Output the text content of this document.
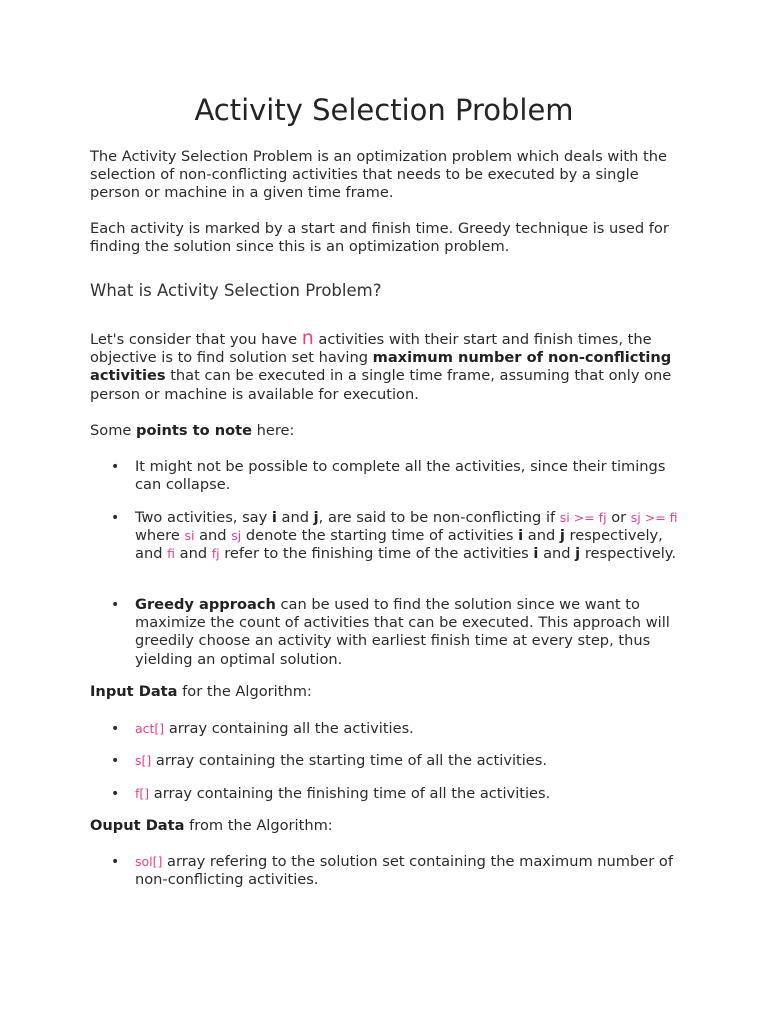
Activity Selection Problem

The Activity Selection Problem is an optimization problem which deals with the selection of non-conflicting activities that needs to be executed by a single person or machine in a given time frame.

Each activity is marked by a start and finish time. Greedy technique is used for finding the solution since this is an optimization problem.

What is Activity Selection Problem?

Let's consider that you have n activities with their start and finish times, the objective is to find solution set having maximum number of non-conflicting activities that can be executed in a single time frame, assuming that only one person or machine is available for execution.

Some points to note here:

• It might not be possible to complete all the activities, since their timings can collapse.
• Two activities, say i and j, are said to be non-conflicting if si >= fj or sj >= fi where si and sj denote the starting time of activities i and j respectively, and fi and fj refer to the finishing time of the activities i and j respectively.
• Greedy approach can be used to find the solution since we want to maximize the count of activities that can be executed. This approach will greedily choose an activity with earliest finish time at every step, thus yielding an optimal solution.

Input Data for the Algorithm:

• act[] array containing all the activities.
• s[] array containing the starting time of all the activities.
• f[] array containing the finishing time of all the activities.

Ouput Data from the Algorithm:

• sol[] array refering to the solution set containing the maximum number of non-conflicting activities.
